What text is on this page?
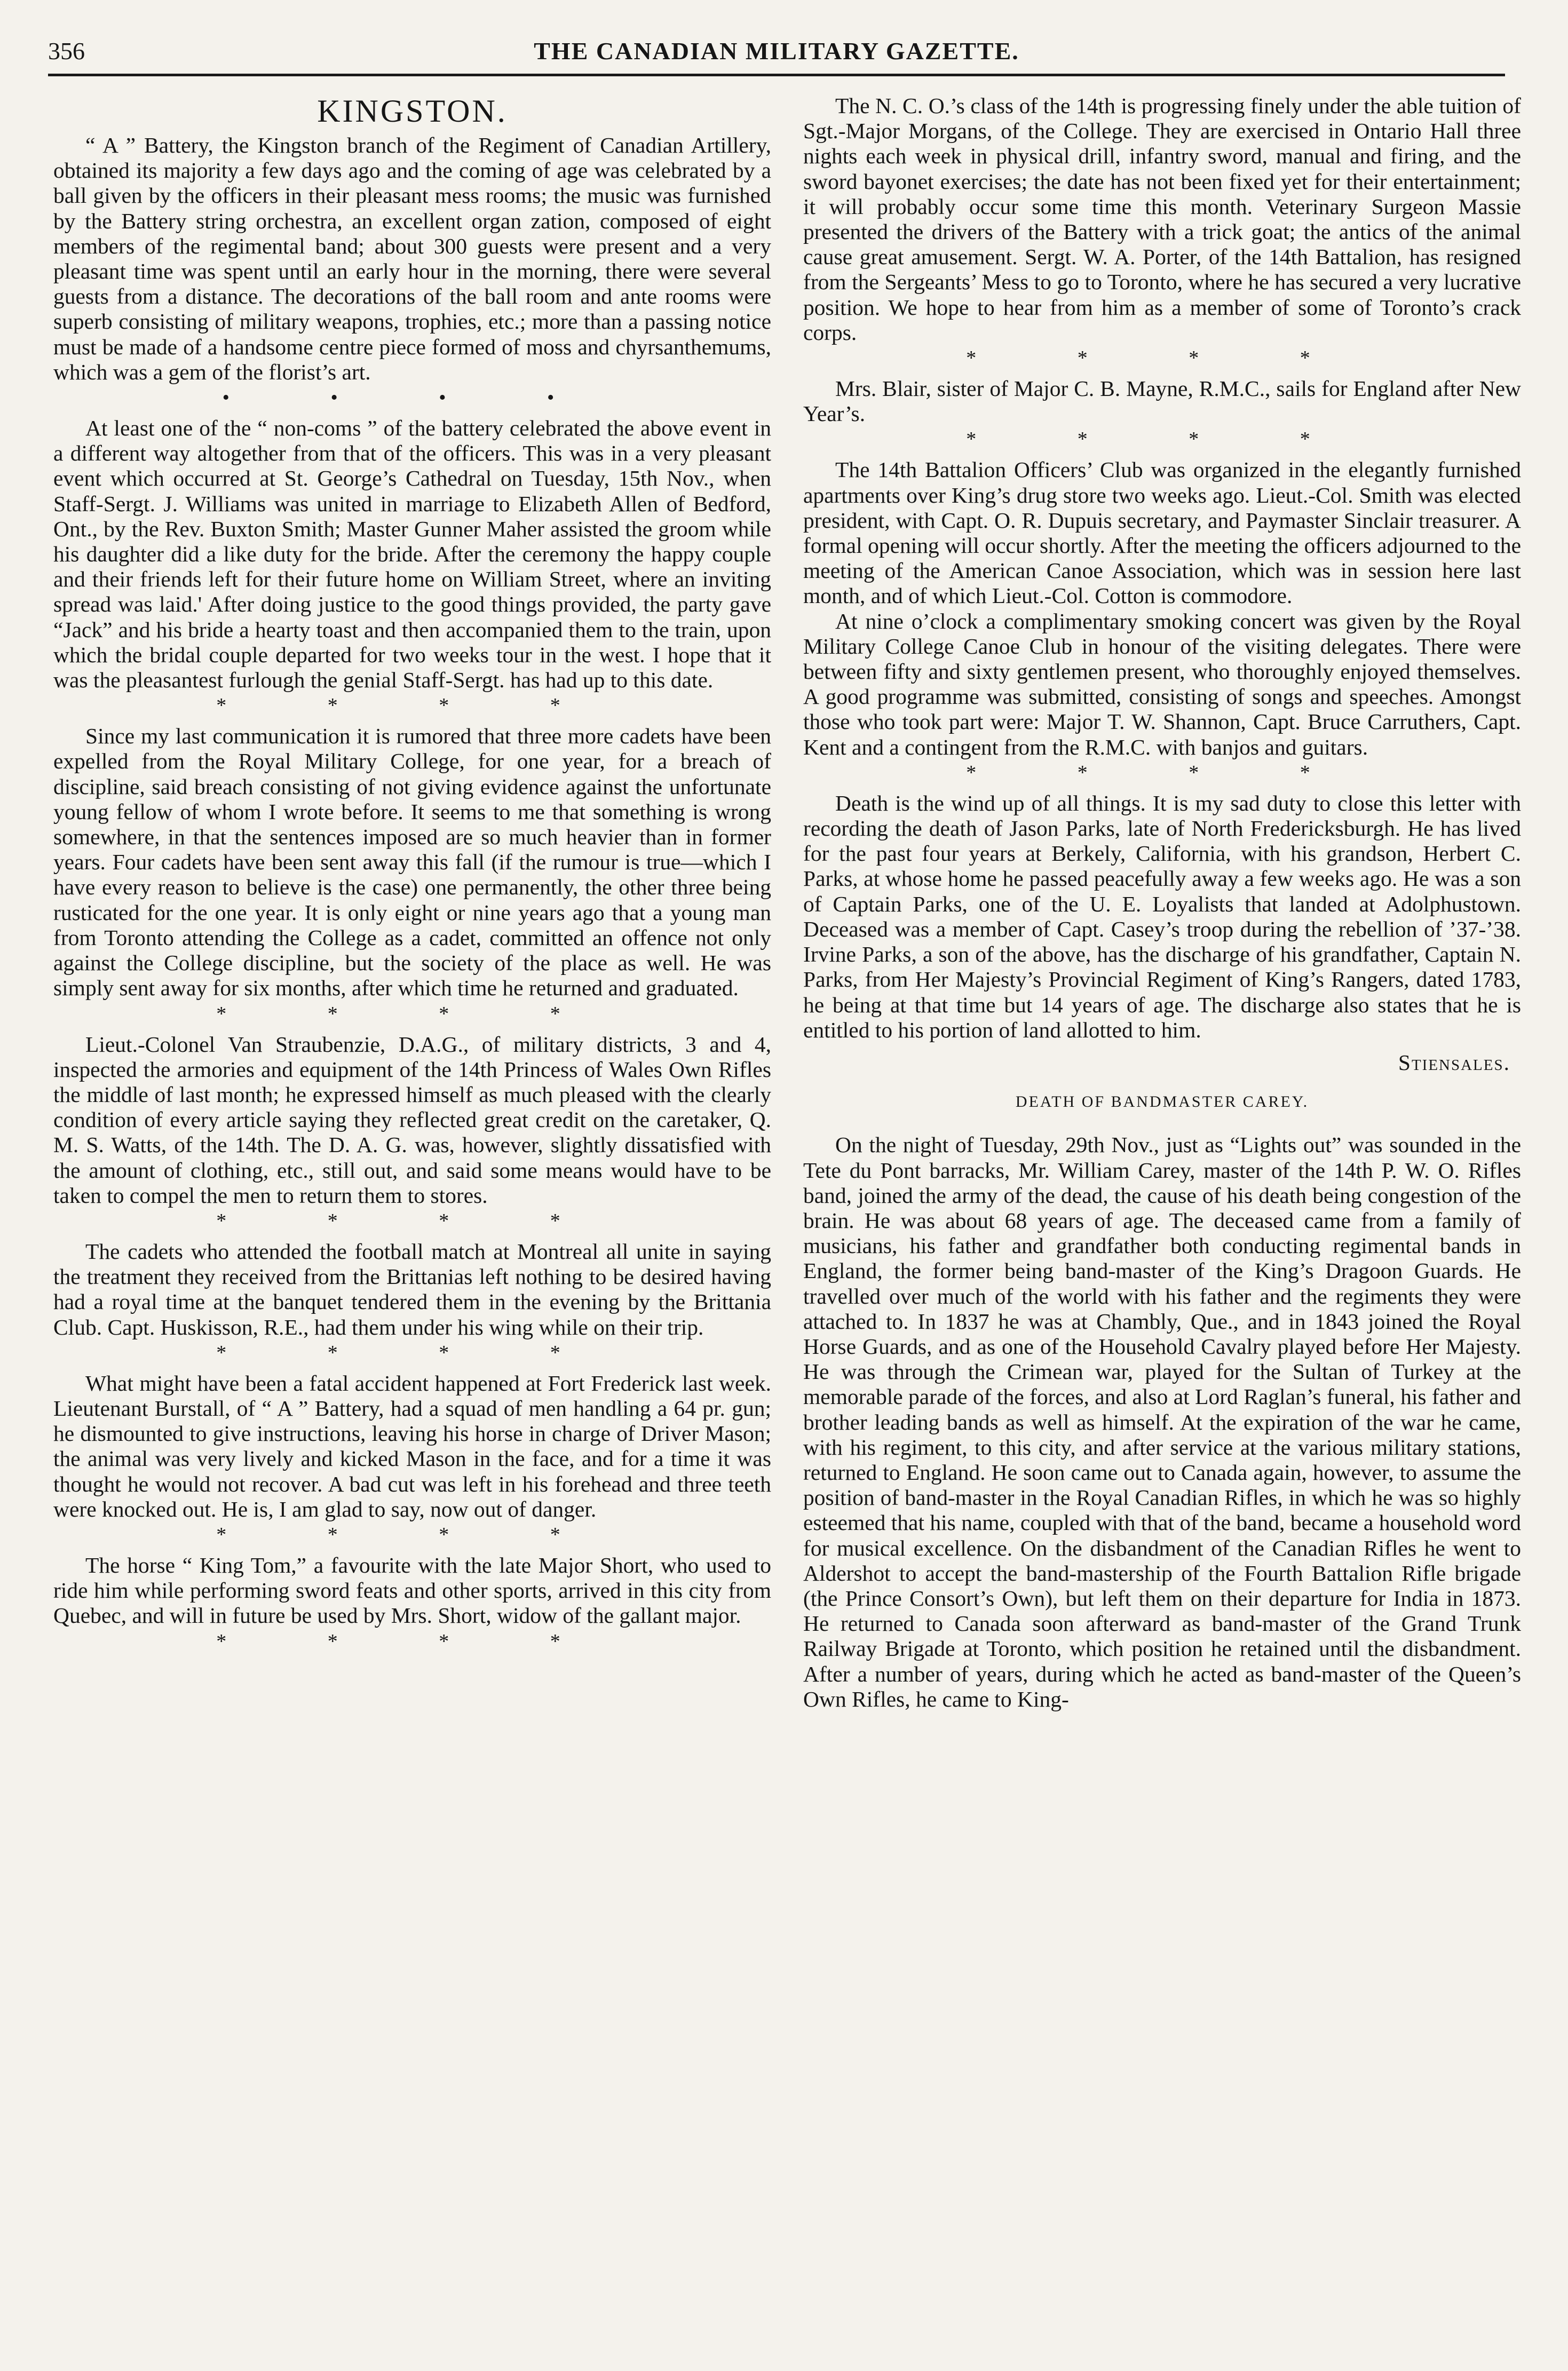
356	THE CANADIAN MILITARY GAZETTE.
KINGSTON.

“ A ” Battery, the Kingston branch of the Regiment of Canadian Artillery, obtained its majority a few days ago and the coming of age was celebrated by a ball given by the officers in their pleasant mess rooms; the music was furnished by the Battery string orchestra, an excellent organ zation, composed of eight members of the regimental band; about 300 guests were present and a very pleasant time was spent until an early hour in the morning, there were several guests from a distance. The decorations of the ball room and ante rooms were superb consisting of military weapons, trophies, etc.; more than a passing notice must be made of a handsome centre piece formed of moss and chyrsanthemums, which was a gem of the florist’s art.

• • • •

At least one of the “ non-coms ” of the battery celebrated the above event in a different way altogether from that of the officers. This was in a very pleasant event which occurred at St. George’s Cathedral on Tuesday, 15th Nov., when Staff-Sergt. J. Williams was united in marriage to Elizabeth Allen of Bedford, Ont., by the Rev. Buxton Smith; Master Gunner Maher assisted the groom while his daughter did a like duty for the bride. After the ceremony the happy couple and their friends left for their future home on William Street, where an inviting spread was laid.' After doing justice to the good things provided, the party gave “Jack” and his bride a hearty toast and then accompanied them to the train, upon which the bridal couple departed for two weeks tour in the west. I hope that it was the pleasantest furlough the genial Staff-Sergt. has had up to this date.

* * * *

Since my last communication it is rumored that three more cadets have been expelled from the Royal Military College, for one year, for a breach of discipline, said breach consisting of not giving evidence against the unfortunate young fellow of whom I wrote before. It seems to me that something is wrong somewhere, in that the sentences imposed are so much heavier than in former years. Four cadets have been sent away this fall (if the rumour is true—which I have every reason to believe is the case) one permanently, the other three being rusticated for the one year. It is only eight or nine years ago that a young man from Toronto attending the College as a cadet, committed an offence not only against the College discipline, but the society of the place as well. He was simply sent away for six months, after which time he returned and graduated.

* * * *

Lieut.-Colonel Van Straubenzie, D.A.G., of military districts, 3 and 4, inspected the armories and equipment of the 14th Princess of Wales Own Rifles the middle of last month; he expressed himself as much pleased with the clearly condition of every article saying they reflected great credit on the caretaker, Q. M. S. Watts, of the 14th. The D. A. G. was, however, slightly dissatisfied with the amount of clothing, etc., still out, and said some means would have to be taken to compel the men to return them to stores.

* * * *

The cadets who attended the football match at Montreal all unite in saying the treatment they received from the Brittanias left nothing to be desired having had a royal time at the banquet tendered them in the evening by the Brittania Club. Capt. Huskisson, R.E., had them under his wing while on their trip.

* * * *

What might have been a fatal accident happened at Fort Frederick last week. Lieutenant Burstall, of “ A ” Battery, had a squad of men handling a 64 pr. gun; he dismounted to give instructions, leaving his horse in charge of Driver Mason; the animal was very lively and kicked Mason in the face, and for a time it was thought he would not recover. A bad cut was left in his forehead and three teeth were knocked out. He is, I am glad to say, now out of danger.

* * * *

The horse “ King Tom,” a favourite with the late Major Short, who used to ride him while performing sword feats and other sports, arrived in this city from Quebec, and will in future be used by Mrs. Short, widow of the gallant major.

* * * *

The N. C. O.’s class of the 14th is progressing finely under the able tuition of Sgt.-Major Morgans, of the College. They are exercised in Ontario Hall three nights each week in physical drill, infantry sword, manual and firing, and the sword bayonet exercises; the date has not been fixed yet for their entertainment; it will probably occur some time this month. Veterinary Surgeon Massie presented the drivers of the Battery with a trick goat; the antics of the animal cause great amusement. Sergt. W. A. Porter, of the 14th Battalion, has resigned from the Sergeants’ Mess to go to Toronto, where he has secured a very lucrative position. We hope to hear from him as a member of some of Toronto’s crack corps.

* * * *

Mrs. Blair, sister of Major C. B. Mayne, R.M.C., sails for England after New Year’s.

* * * *

The 14th Battalion Officers’ Club was organized in the elegantly furnished apartments over King’s drug store two weeks ago. Lieut.-Col. Smith was elected president, with Capt. O. R. Dupuis secretary, and Paymaster Sinclair treasurer. A formal opening will occur shortly. After the meeting the officers adjourned to the meeting of the American Canoe Association, which was in session here last month, and of which Lieut.-Col. Cotton is commodore.

At nine o’clock a complimentary smoking concert was given by the Royal Military College Canoe Club in honour of the visiting delegates. There were between fifty and sixty gentlemen present, who thoroughly enjoyed themselves. A good programme was submitted, consisting of songs and speeches. Amongst those who took part were: Major T. W. Shannon, Capt. Bruce Carruthers, Capt. Kent and a contingent from the R.M.C. with banjos and guitars.

* * * *

Death is the wind up of all things. It is my sad duty to close this letter with recording the death of Jason Parks, late of North Fredericksburgh. He has lived for the past four years at Berkely, California, with his grandson, Herbert C. Parks, at whose home he passed peacefully away a few weeks ago. He was a son of Captain Parks, one of the U. E. Loyalists that landed at Adolphustown. Deceased was a member of Capt. Casey’s troop during the rebellion of ’37-’38. Irvine Parks, a son of the above, has the discharge of his grandfather, Captain N. Parks, from Her Majesty’s Provincial Regiment of King’s Rangers, dated 1783, he being at that time but 14 years of age. The discharge also states that he is entitled to his portion of land allotted to him.

Stiensales.
DEATH OF BANDMASTER CAREY.

On the night of Tuesday, 29th Nov., just as “Lights out” was sounded in the Tete du Pont barracks, Mr. William Carey, master of the 14th P. W. O. Rifles band, joined the army of the dead, the cause of his death being congestion of the brain. He was about 68 years of age. The deceased came from a family of musicians, his father and grandfather both conducting regimental bands in England, the former being band-master of the King’s Dragoon Guards. He travelled over much of the world with his father and the regiments they were attached to. In 1837 he was at Chambly, Que., and in 1843 joined the Royal Horse Guards, and as one of the Household Cavalry played before Her Majesty. He was through the Crimean war, played for the Sultan of Turkey at the memorable parade of the forces, and also at Lord Raglan’s funeral, his father and brother leading bands as well as himself. At the expiration of the war he came, with his regiment, to this city, and after service at the various military stations, returned to England. He soon came out to Canada again, however, to assume the position of band-master in the Royal Canadian Rifles, in which he was so highly esteemed that his name, coupled with that of the band, became a household word for musical excellence. On the disbandment of the Canadian Rifles he went to Aldershot to accept the band-mastership of the Fourth Battalion Rifle brigade (the Prince Consort’s Own), but left them on their departure for India in 1873. He returned to Canada soon afterward as band-master of the Grand Trunk Railway Brigade at Toronto, which position he retained until the disbandment. After a number of years, during which he acted as band-master of the Queen’s Own Rifles, he came to King-
